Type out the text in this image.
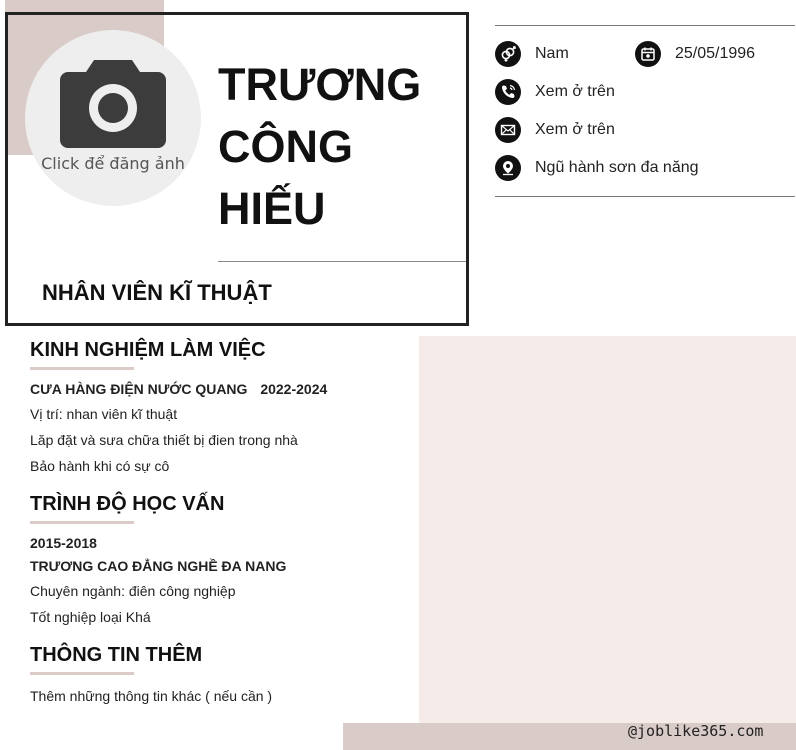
Click để đăng ảnh
TRƯƠNG
CÔNG
HIẾU
NHÂN VIÊN KĨ THUẬT
Nam	25/05/1996
Xem ở trên
Xem ở trên
Ngũ hành sơn đa năng
KINH NGHIỆM LÀM VIỆC
CƯA HÀNG ĐIỆN NƯỚC QUANG 2022-2024
Vị trí: nhan viên kĩ thuật
Lăp đặt và sưa chữa thiết bị đien trong nhà
Bảo hành khi có sự cô
TRÌNH ĐỘ HỌC VẤN
2015-2018
TRƯƠNG CAO ĐẲNG NGHỀ ĐA NANG
Chuyên ngành: điên công nghiệp
Tốt nghiệp loại Khá
THÔNG TIN THÊM
Thêm những thông tin khác ( nếu cần )
@joblike365.com
